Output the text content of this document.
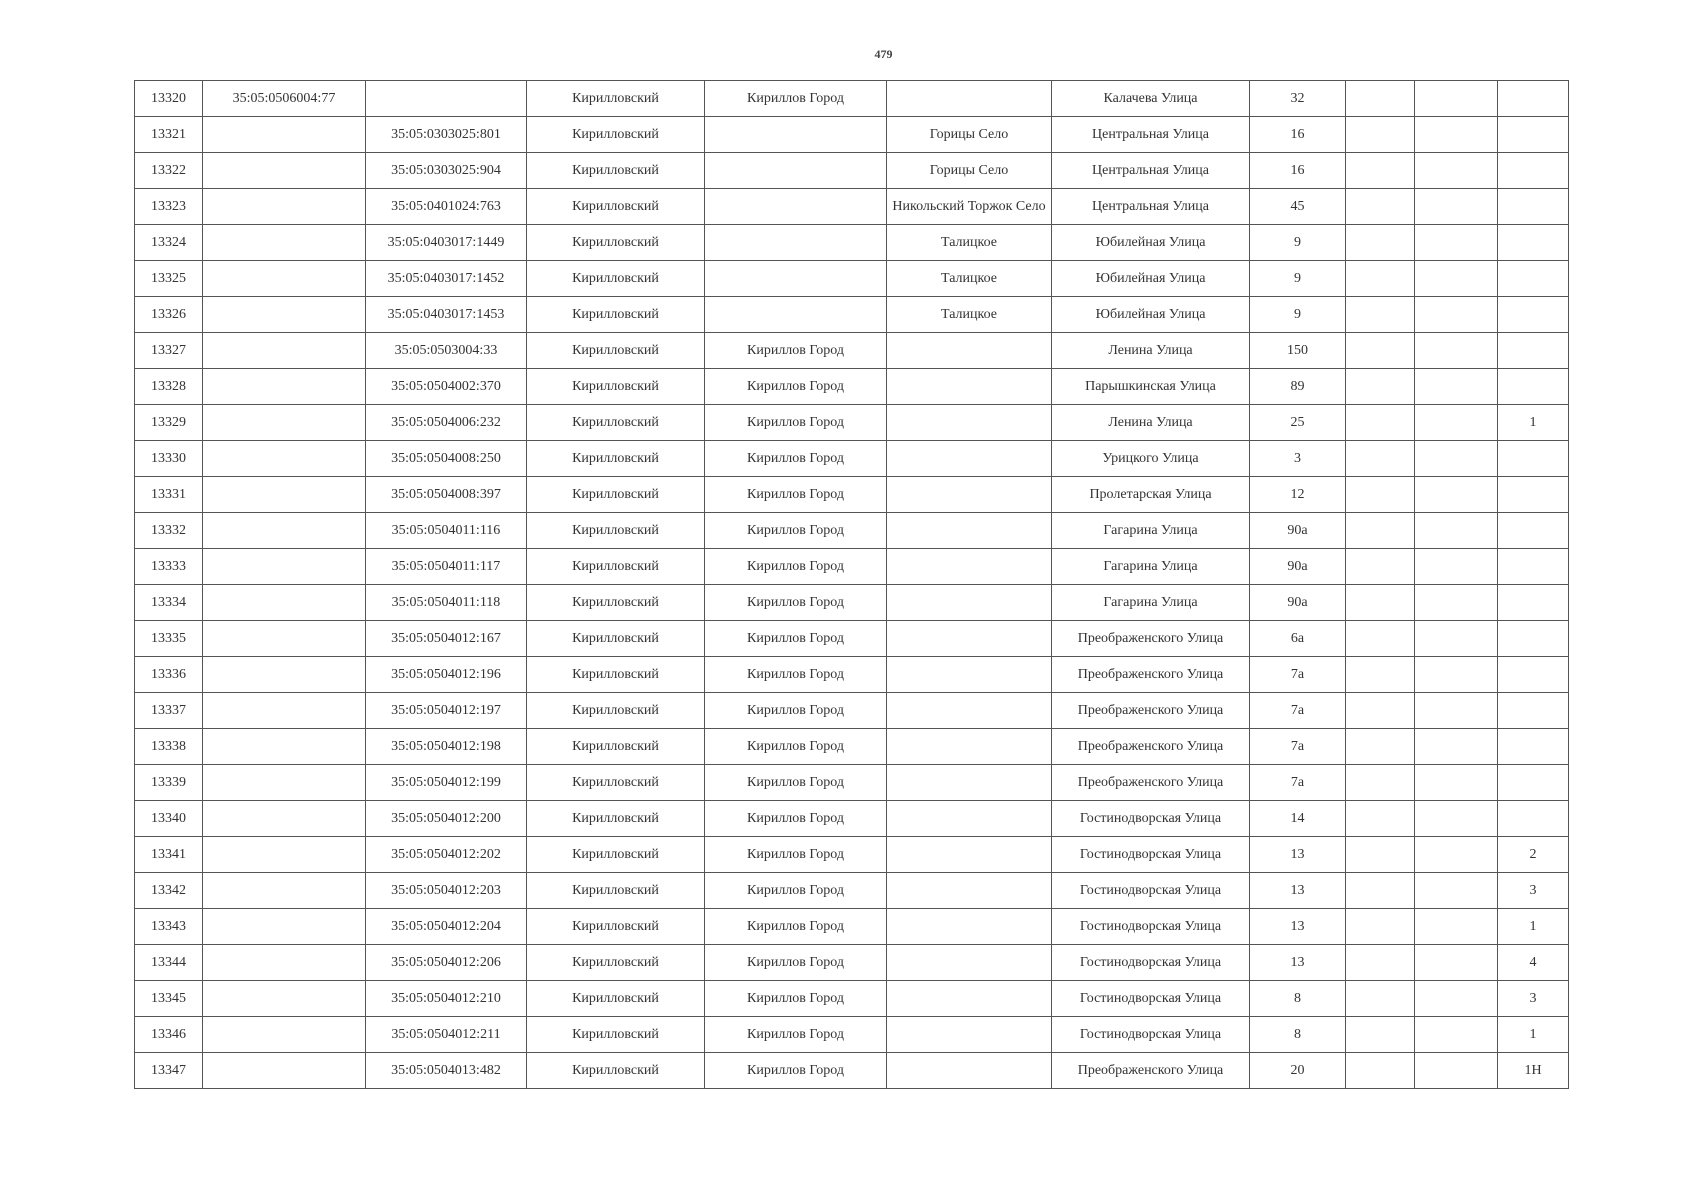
479
13320	35:05:0506004:77		Кирилловский	Кириллов Город		Калачева Улица	32			
13321		35:05:0303025:801	Кирилловский		Горицы Село	Центральная Улица	16			
13322		35:05:0303025:904	Кирилловский		Горицы Село	Центральная Улица	16			
13323		35:05:0401024:763	Кирилловский		Никольский Торжок Село	Центральная Улица	45			
13324		35:05:0403017:1449	Кирилловский		Талицкое	Юбилейная Улица	9			
13325		35:05:0403017:1452	Кирилловский		Талицкое	Юбилейная Улица	9			
13326		35:05:0403017:1453	Кирилловский		Талицкое	Юбилейная Улица	9			
13327		35:05:0503004:33	Кирилловский	Кириллов Город		Ленина Улица	150			
13328		35:05:0504002:370	Кирилловский	Кириллов Город		Парышкинская Улица	89			
13329		35:05:0504006:232	Кирилловский	Кириллов Город		Ленина Улица	25			1
13330		35:05:0504008:250	Кирилловский	Кириллов Город		Урицкого Улица	3			
13331		35:05:0504008:397	Кирилловский	Кириллов Город		Пролетарская Улица	12			
13332		35:05:0504011:116	Кирилловский	Кириллов Город		Гагарина Улица	90а			
13333		35:05:0504011:117	Кирилловский	Кириллов Город		Гагарина Улица	90а			
13334		35:05:0504011:118	Кирилловский	Кириллов Город		Гагарина Улица	90а			
13335		35:05:0504012:167	Кирилловский	Кириллов Город		Преображенского Улица	6а			
13336		35:05:0504012:196	Кирилловский	Кириллов Город		Преображенского Улица	7а			
13337		35:05:0504012:197	Кирилловский	Кириллов Город		Преображенского Улица	7а			
13338		35:05:0504012:198	Кирилловский	Кириллов Город		Преображенского Улица	7а			
13339		35:05:0504012:199	Кирилловский	Кириллов Город		Преображенского Улица	7а			
13340		35:05:0504012:200	Кирилловский	Кириллов Город		Гостинодворская Улица	14			
13341		35:05:0504012:202	Кирилловский	Кириллов Город		Гостинодворская Улица	13			2
13342		35:05:0504012:203	Кирилловский	Кириллов Город		Гостинодворская Улица	13			3
13343		35:05:0504012:204	Кирилловский	Кириллов Город		Гостинодворская Улица	13			1
13344		35:05:0504012:206	Кирилловский	Кириллов Город		Гостинодворская Улица	13			4
13345		35:05:0504012:210	Кирилловский	Кириллов Город		Гостинодворская Улица	8			3
13346		35:05:0504012:211	Кирилловский	Кириллов Город		Гостинодворская Улица	8			1
13347		35:05:0504013:482	Кирилловский	Кириллов Город		Преображенского Улица	20			1Н
